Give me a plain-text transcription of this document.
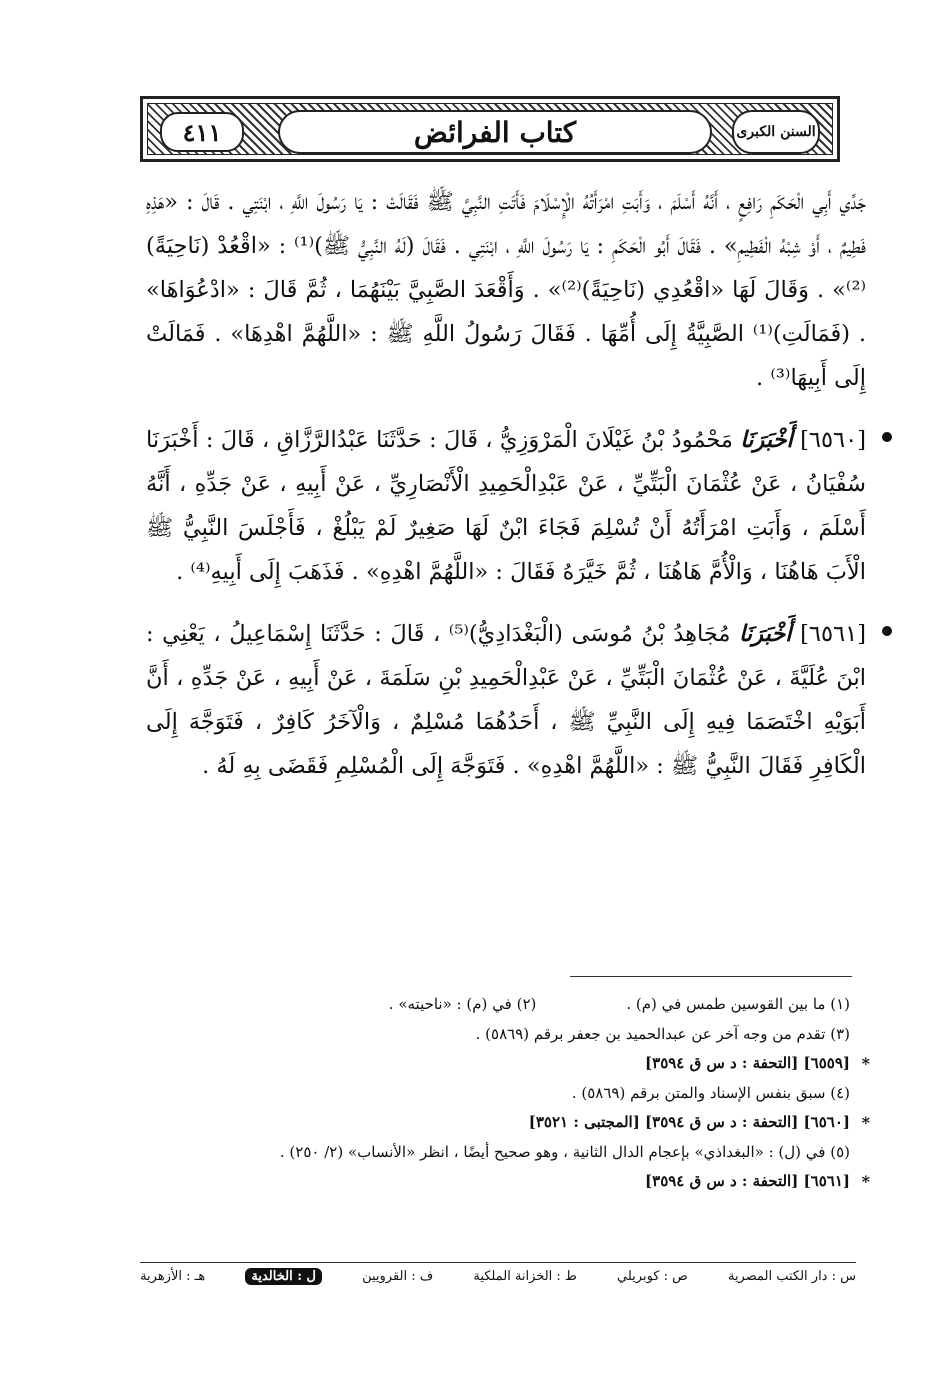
السنن الكبرى
كتاب الفرائض
٤١١

جَدِّي أَبِي الْحَكَمِ رَافِعٍ ، أَنَّهُ أَسْلَمَ ، وَأَبَتِ امْرَأَتُهُ الْإِسْلَامَ فَأَتَتِ النَّبِيَّ ﷺ فَقَالَتْ : يَا رَسُولَ اللَّهِ ، ابْنَتِي . قَالَ : «هَذِهِ فَطِيمٌ ، أَوْ شِبْهُ الْفَطِيمِ» . فَقَالَ أَبُو الْحَكَمِ : يَا رَسُولَ اللَّهِ ، ابْنَتِي . فَقَالَ (لَهُ النَّبِيُّ ﷺ)⁽¹⁾ : «اقْعُدْ (نَاحِيَةً)⁽²⁾» . وَقَالَ لَهَا «اقْعُدِي (نَاحِيَةً)⁽²⁾» . وَأَقْعَدَ الصَّبِيَّ بَيْنَهُمَا ، ثُمَّ قَالَ : «ادْعُوَاهَا» . (فَمَالَتِ)⁽¹⁾ الصَّبِيَّةُ إِلَى أُمِّهَا . فَقَالَ رَسُولُ اللَّهِ ﷺ : «اللَّهُمَّ اهْدِهَا» . فَمَالَتْ إِلَى أَبِيهَا⁽³⁾ .

[٦٥٦٠] أَخْبَرَنَا مَحْمُودُ بْنُ غَيْلَانَ الْمَرْوَزِيُّ ، قَالَ : حَدَّثَنَا عَبْدُالرَّزَّاقِ ، قَالَ : أَخْبَرَنَا سُفْيَانُ ، عَنْ عُثْمَانَ الْبَتِّيِّ ، عَنْ عَبْدِالْحَمِيدِ الْأَنْصَارِيِّ ، عَنْ أَبِيهِ ، عَنْ جَدِّهِ ، أَنَّهُ أَسْلَمَ ، وَأَبَتِ امْرَأَتُهُ أَنْ تُسْلِمَ فَجَاءَ ابْنٌ لَهَا صَغِيرٌ لَمْ يَبْلُغْ ، فَأَجْلَسَ النَّبِيُّ ﷺ الْأَبَ هَاهُنَا ، وَالْأُمَّ هَاهُنَا ، ثُمَّ خَيَّرَهُ فَقَالَ : «اللَّهُمَّ اهْدِهِ» . فَذَهَبَ إِلَى أَبِيهِ⁽⁴⁾ .
[٦٥٦١] أَخْبَرَنَا مُجَاهِدُ بْنُ مُوسَى (الْبَغْدَادِيُّ)⁽⁵⁾ ، قَالَ : حَدَّثَنَا إِسْمَاعِيلُ ، يَعْنِي : ابْنَ عُلَيَّةَ ، عَنْ عُثْمَانَ الْبَتِّيِّ ، عَنْ عَبْدِالْحَمِيدِ بْنِ سَلَمَةَ ، عَنْ أَبِيهِ ، عَنْ جَدِّهِ ، أَنَّ أَبَوَيْهِ اخْتَصَمَا فِيهِ إِلَى النَّبِيِّ ﷺ ، أَحَدُهُمَا مُسْلِمٌ ، وَالْآخَرُ كَافِرٌ ، فَتَوَجَّهَ إِلَى الْكَافِرِ فَقَالَ النَّبِيُّ ﷺ : «اللَّهُمَّ اهْدِهِ» . فَتَوَجَّهَ إِلَى الْمُسْلِمِ فَقَضَى بِهِ لَهُ .
(١) ما بين القوسين طمس في (م) .
(٢) في (م) : «ناحيته» .

(٣) تقدم من وجه آخر عن عبدالحميد بن جعفر برقم (٥٨٦٩) .

*
[٦٥٥٩] [التحفة : د س ق ٣٥٩٤]

(٤) سبق بنفس الإسناد والمتن برقم (٥٨٦٩) .

*
[٦٥٦٠] [التحفة : د س ق ٣٥٩٤] [المجتبى : ٣٥٢١]

(٥) في (ل) : «البغداذي» بإعجام الدال الثانية ، وهو صحيح أيضًا ، انظر «الأنساب» (٢/ ٢٥٠) .

*
[٦٥٦١] [التحفة : د س ق ٣٥٩٤]

س : دار الكتب المصرية
ص : كوبريلي
ط : الخزانة الملكية
ف : القرويين
ل : الخالدية
هـ : الأزهرية
